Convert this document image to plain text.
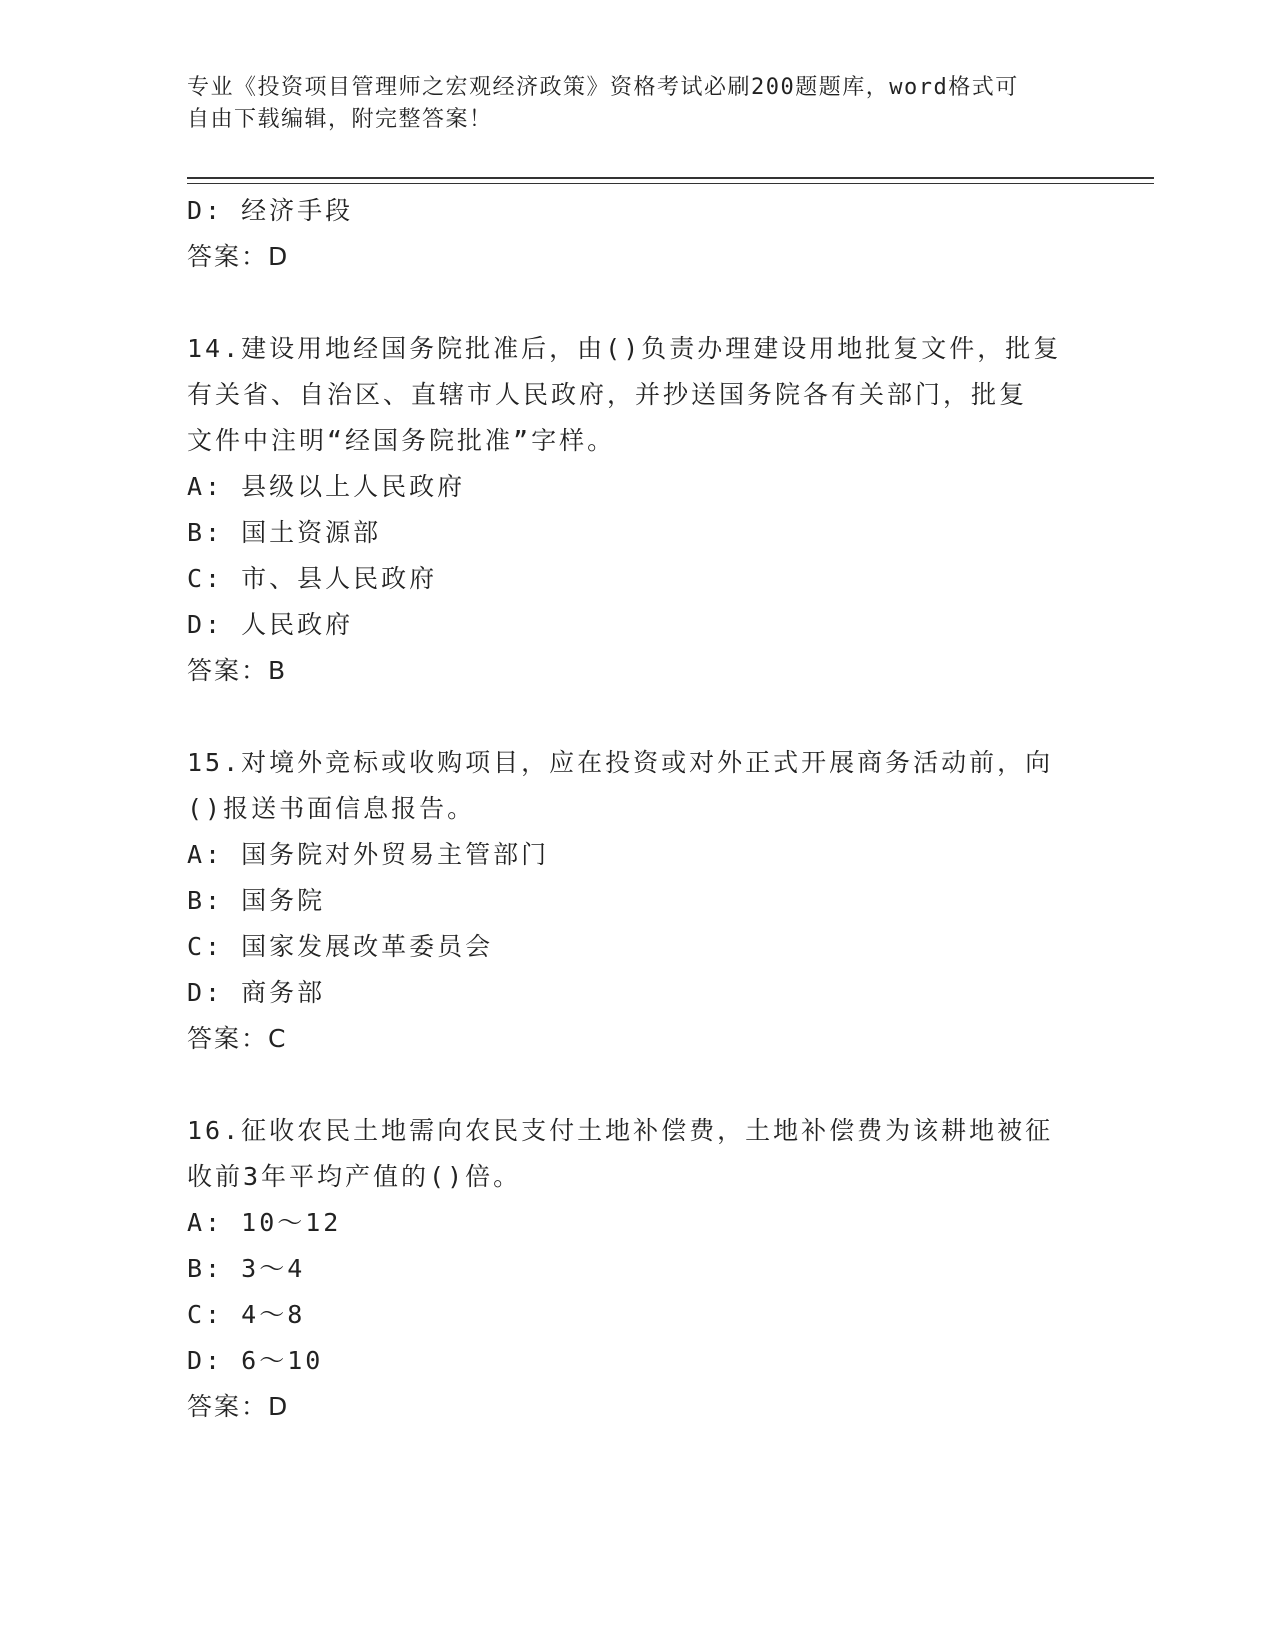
专业《投资项目管理师之宏观经济政策》资格考试必刷200题题库，word格式可
自由下载编辑，附完整答案！
D: 经济手段
答案：D
14.建设用地经国务院批准后，由()负责办理建设用地批复文件，批复
有关省、自治区、直辖市人民政府，并抄送国务院各有关部门，批复
文件中注明“经国务院批准”字样。
A: 县级以上人民政府
B: 国土资源部
C: 市、县人民政府
D: 人民政府
答案：B
15.对境外竞标或收购项目，应在投资或对外正式开展商务活动前，向
()报送书面信息报告。
A: 国务院对外贸易主管部门
B: 国务院
C: 国家发展改革委员会
D: 商务部
答案：C
16.征收农民土地需向农民支付土地补偿费，土地补偿费为该耕地被征
收前3年平均产值的()倍。
A: 10～12
B: 3～4
C: 4～8
D: 6～10
答案：D
